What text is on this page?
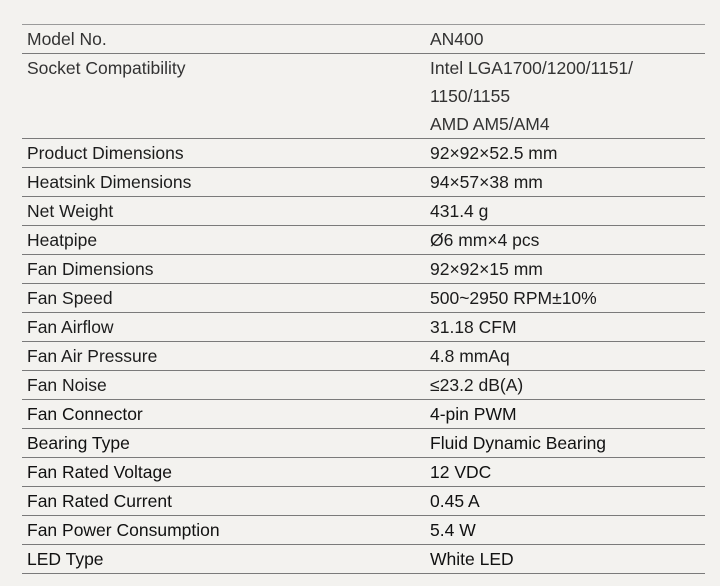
Model No.	AN400

Socket Compatibility	Intel LGA1700/1200/1151/
1150/1155
AMD AM5/AM4

Product Dimensions	92×92×52.5 mm

Heatsink Dimensions	94×57×38 mm

Net Weight	431.4 g

Heatpipe	Ø6 mm×4 pcs

Fan Dimensions	92×92×15 mm

Fan Speed	500~2950 RPM±10%

Fan Airflow	31.18 CFM

Fan Air Pressure	4.8 mmAq

Fan Noise	≤23.2 dB(A)

Fan Connector	4-pin PWM

Bearing Type	Fluid Dynamic Bearing

Fan Rated Voltage	12 VDC

Fan Rated Current	0.45 A

Fan Power Consumption	5.4 W

LED Type	White LED
